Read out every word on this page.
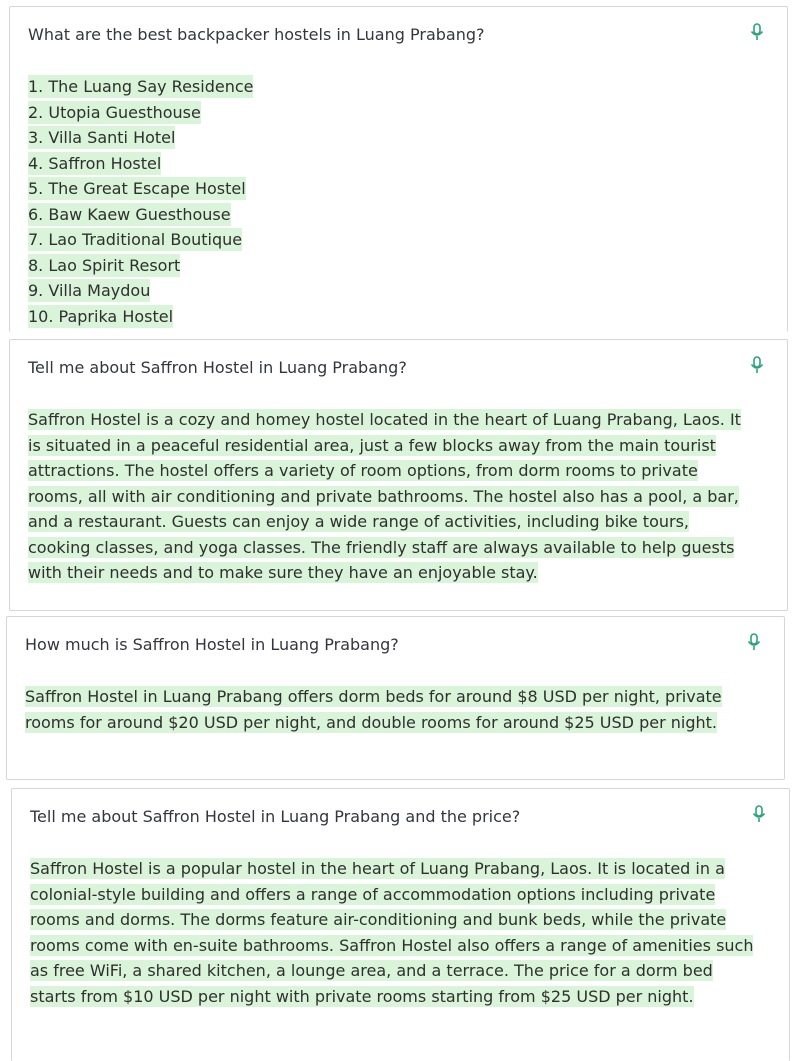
What are the best backpacker hostels in Luang Prabang?
1. The Luang Say Residence
2. Utopia Guesthouse
3. Villa Santi Hotel
4. Saffron Hostel
5. The Great Escape Hostel
6. Baw Kaew Guesthouse
7. Lao Traditional Boutique
8. Lao Spirit Resort
9. Villa Maydou
10. Paprika Hostel
Tell me about Saffron Hostel in Luang Prabang?
Saffron Hostel is a cozy and homey hostel located in the heart of Luang Prabang, Laos. It is situated in a peaceful residential area, just a few blocks away from the main tourist attractions. The hostel offers a variety of room options, from dorm rooms to private rooms, all with air conditioning and private bathrooms. The hostel also has a pool, a bar, and a restaurant. Guests can enjoy a wide range of activities, including bike tours, cooking classes, and yoga classes. The friendly staff are always available to help guests with their needs and to make sure they have an enjoyable stay.
How much is Saffron Hostel in Luang Prabang?
Saffron Hostel in Luang Prabang offers dorm beds for around $8 USD per night, private rooms for around $20 USD per night, and double rooms for around $25 USD per night.
Tell me about Saffron Hostel in Luang Prabang and the price?
Saffron Hostel is a popular hostel in the heart of Luang Prabang, Laos. It is located in a colonial-style building and offers a range of accommodation options including private rooms and dorms. The dorms feature air-conditioning and bunk beds, while the private rooms come with en-suite bathrooms. Saffron Hostel also offers a range of amenities such as free WiFi, a shared kitchen, a lounge area, and a terrace. The price for a dorm bed starts from $10 USD per night with private rooms starting from $25 USD per night.
